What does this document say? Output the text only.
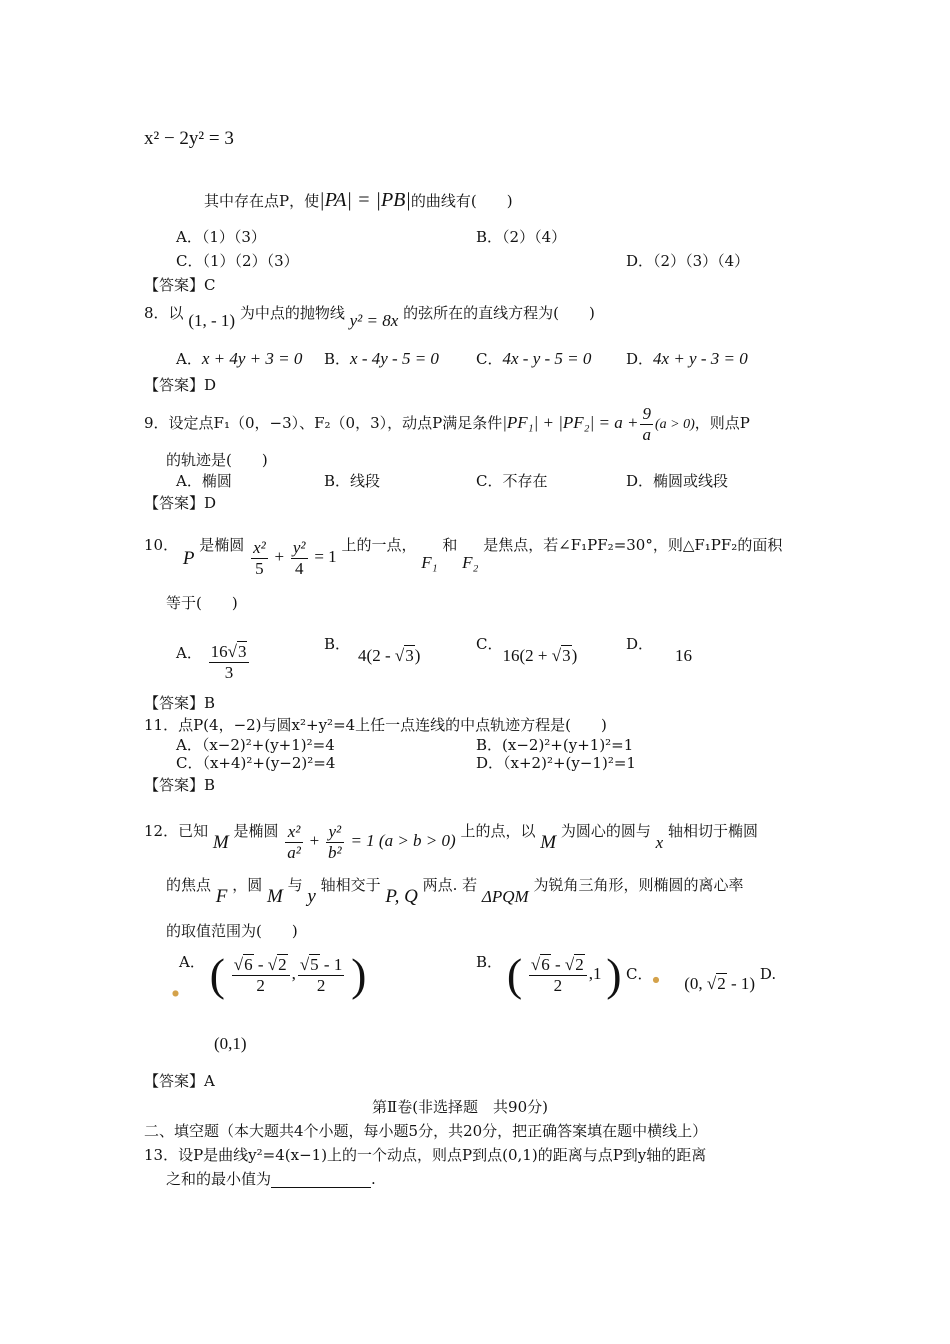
x² − 2y² = 3
其中存在点P，使|PA| = |PB|的曲线有(　　)
A．（1）（3）	B．（2）（4）
C．（1）（2）（3）	D．（2）（3）（4）
【答案】C
8．以 (1, - 1) 为中点的抛物线 y² = 8x 的弦所在的直线方程为(　　)
A．x + 4y + 3 = 0 B．x - 4y - 5 = 0 C．4x - y - 5 = 0 D．4x + y - 3 = 0
【答案】D
9．设定点F₁（0，−3）、F₂（0，3），动点P满足条件$|PF_1| + |PF_2| = a + \frac{9}{a} (a > 0)$，则点P
的轨迹是(　　)
A．椭圆	B．线段	C．不存在	D．椭圆或线段
【答案】D
10． P 是椭圆 $\frac{\text{x²}}{5} + \frac{\text{y²}}{4} = 1$ 上的一点， F₁ 和 F₂ 是焦点，若∠F₁PF₂=30°，则△F₁PF₂的面积
等于(　　)
A． $\frac{16√3}{3}$	B．4(2 - √3)
C．16(2 + √3)
D．16
【答案】B
11．点P(4，−2)与圆x²+y²=4上任一点连线的中点轨迹方程是(　　)
A．（x−2)²+(y+1)²=4	B．(x−2)²+(y+1)²=1
C．（x+4)²+(y−2)²=4	D．（x+2)²+(y−1)²=1
【答案】B
12．已知 M 是椭圆 $\frac{\text{x²}}{\text{a²}} + \frac{\text{y²}}{\text{b²}} = 1$ (a > b > 0) 上的点，以 M 为圆心的圆与 x 轴相切于椭圆
的焦点 F ，圆 M 与 y 轴相交于 P, Q 两点. 若 ΔPQM 为锐角三角形，则椭圆的离心率
的取值范围为(　　)
●A． ( $\frac{√6 - √2}{2}$ , $\frac{√5 - 1}{2}$ )	B． ( $\frac{√6 - √2}{2} ,1$ ) C．● (0, √2 - 1) D.
(0,1)
【答案】A
第Ⅱ卷(非选择题　共90分)
二、填空题（本大题共4个小题，每小题5分，共20分，把正确答案填在题中横线上）
13．设P是曲线y²=4(x−1)上的一个动点，则点P到点(0,1)的距离与点P到y轴的距离
之和的最小值为	.
